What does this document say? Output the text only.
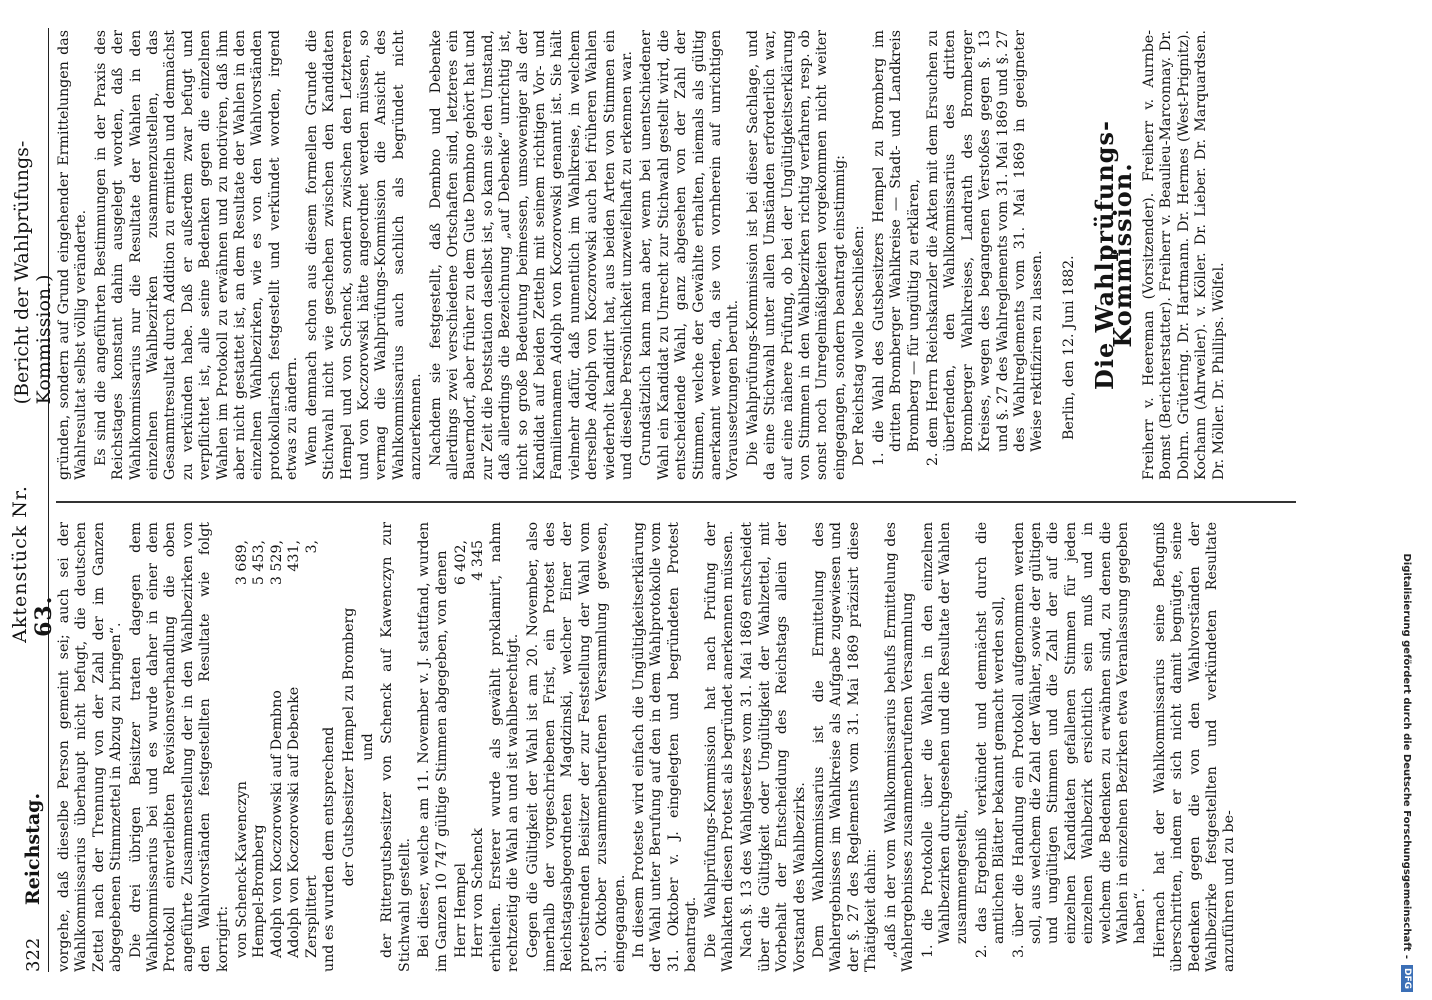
322
Reichstag.
Aktenstück Nr. 63.
(Bericht der Wahlprüfungs-Kommission.)

vorgehe, daß dieselbe Person gemeint sei; auch sei der Wahlkommissarius überhaupt nicht befugt, die deutschen Zettel nach der Trennung von der Zahl der im Ganzen abgegebenen Stimmzettel in Abzug zu bringen“. Die drei übrigen Beisitzer traten dagegen dem Wahlkommissarius bei und es wurde daher in einer dem Protokoll einverleibten Revisionsverhandlung die oben angeführte Zusammenstellung der in den Wahlbezirken von den Wahlvorständen festgestellten Resultate wie folgt korrigirt: von Schenck-Kawenczyn
3 689,
Hempel-Bromberg
5 453,
Adolph von Koczorowski auf Dembno
3 529,
Adolph von Koczorowski auf Debenke
431,
Zersplittert
3,

und es wurden dem entsprechend der Gutsbesitzer Hempel zu Bromberg und der Rittergutsbesitzer von Schenck auf Kawenczyn zur Stichwahl gestellt. Bei dieser, welche am 11. November v. J. stattfand, wurden im Ganzen 10 747 gültige Stimmen abgegeben, von denen Herr Hempel
6 402,
Herr von Schenck
4 345 erhielten. Ersterer wurde als gewählt proklamirt, nahm rechtzeitig die Wahl an und ist wahlberechtigt. Gegen die Gültigkeit der Wahl ist am 20. November, also innerhalb der vorgeschriebenen Frist, ein Protest des Reichstagsabgeordneten Magdzinski, welcher Einer der protestirenden Beisitzer der zur Feststellung der Wahl vom 31. Oktober zusammenberufenen Versammlung gewesen, eingegangen. In diesem Proteste wird einfach die Ungültigkeitserklärung der Wahl unter Berufung auf den in dem Wahlprotokolle vom 31. Oktober v. J. eingelegten und begründeten Protest beantragt. Die Wahlprüfungs-Kommission hat nach Prüfung der Wahlakten diesen Protest als begründet anerkennen müssen. Nach §. 13 des Wahlgesetzes vom 31. Mai 1869 entscheidet über die Gültigkeit oder Ungültigkeit der Wahlzettel, mit Vorbehalt der Entscheidung des Reichstags allein der Vorstand des Wahlbezirks. Dem Wahlkommissarius ist die Ermittelung des Wahlergebnisses im Wahlkreise als Aufgabe zugewiesen und der §. 27 des Reglements vom 31. Mai 1869 präzisirt diese Thätigkeit dahin: „daß in der vom Wahlkommissarius behufs Ermittelung des Wahlergebnisses zusammenberufenen Versammlung 1. die Protokolle über die Wahlen in den einzelnen Wahlbezirken durchgesehen und die Resultate der Wahlen zusammengestellt, 2. das Ergebniß verkündet und demnächst durch die amtlichen Blätter bekannt gemacht werden soll, 3. über die Handlung ein Protokoll aufgenommen werden soll, aus welchem die Zahl der Wähler, sowie der gültigen und ungültigen Stimmen und die Zahl der auf die einzelnen Kandidaten gefallenen Stimmen für jeden einzelnen Wahlbezirk ersichtlich sein muß und in welchem die Bedenken zu erwähnen sind, zu denen die Wahlen in einzelnen Bezirken etwa Veranlassung gegeben haben“. Hiernach hat der Wahlkommissarius seine Befugniß überschritten, indem er sich nicht damit begnügte, seine Bedenken gegen die von den Wahlvorständen der Wahlbezirke festgestellten und verkündeten Resultate anzuführen und zu be-

gründen, sondern auf Grund eingehender Ermittelungen das Wahlresultat selbst völlig veränderte. Es sind die angeführten Bestimmungen in der Praxis des Reichstages konstant dahin ausgelegt worden, daß der Wahlkommissarius nur die Resultate der Wahlen in den einzelnen Wahlbezirken zusammenzustellen, das Gesammtresultat durch Addition zu ermitteln und demnächst zu verkünden habe. Daß er außerdem zwar befugt und verpflichtet ist, alle seine Bedenken gegen die einzelnen Wahlen im Protokoll zu erwähnen und zu motiviren, daß ihm aber nicht gestattet ist, an dem Resultate der Wahlen in den einzelnen Wahlbezirken, wie es von den Wahlvorständen protokollarisch festgestellt und verkündet worden, irgend etwas zu ändern. Wenn demnach schon aus diesem formellen Grunde die Stichwahl nicht wie geschehen zwischen den Kandidaten Hempel und von Schenck, sondern zwischen den Letzteren und von Koczorowski hätte angeordnet werden müssen, so vermag die Wahlprüfungs-Kommission die Ansicht des Wahlkommissarius auch sachlich als begründet nicht anzuerkennen. Nachdem sie festgestellt, daß Dembno und Debenke allerdings zwei verschiedene Ortschaften sind, letzteres ein Bauerndorf, aber früher zu dem Gute Dembno gehört hat und zur Zeit die Poststation daselbst ist, so kann sie den Umstand, daß allerdings die Bezeichnung „auf Debenke“ unrichtig ist, nicht so große Bedeutung beimessen, umsoweniger als der Kandidat auf beiden Zetteln mit seinem richtigen Vor- und Familiennamen Adolph von Koczorowski genannt ist. Sie hält vielmehr dafür, daß numentlich im Wahlkreise, in welchem derselbe Adolph von Koczorowski auch bei früheren Wahlen wiederholt kandidirt hat, aus beiden Arten von Stimmen ein und dieselbe Persönlichkeit unzweifelhaft zu erkennen war. Grundsätzlich kann man aber, wenn bei unentschiedener Wahl ein Kandidat zu Unrecht zur Stichwahl gestellt wird, die entscheidende Wahl, ganz abgesehen von der Zahl der Stimmen, welche der Gewählte erhalten, niemals als gültig anerkannt werden, da sie von vornherein auf unrichtigen Voraussetzungen beruht. Die Wahlprüfungs-Kommission ist bei dieser Sachlage, und da eine Stichwahl unter allen Umständen erforderlich war, auf eine nähere Prüfung, ob bei der Ungültigkeitserklärung von Stimmen in den Wahlbezirken richtig verfahren, resp. ob sonst noch Unregelmäßigkeiten vorgekommen nicht weiter eingegangen, sondern beantragt einstimmig: Der Reichstag wolle beschließen: 1. die Wahl des Gutsbesitzers Hempel zu Bromberg im dritten Bromberger Wahlkreise — Stadt- und Landkreis Bromberg — für ungültig zu erklären, 2. dem Herrn Reichskanzler die Akten mit dem Ersuchen zu überſenden, den Wahlkommissarius des dritten Bromberger Wahlkreises, Landrath des Bromberger Kreises, wegen des begangenen Verstoßes gegen §. 13 und §. 27 des Wahlreglements vom 31. Mai 1869 und §. 27 des Wahlreglements vom 31. Mai 1869 in geeigneter Weise rektifiziren zu lassen. Berlin, den 12. Juni 1882. Die Wahlprüfungs-Kommission. Freiherr v. Heereman (Vorsitzender). Freiherr v. Aurnbe-Bomst (Berichterstatter). Freiherr v. Beaulieu-Marconnay. Dr. Dohrn. Grütering. Dr. Hartmann. Dr. Hermes (West-Prignitz). Kochann (Ahrweiler). v. Köller. Dr. Lieber. Dr. Marquardsen. Dr. Möller. Dr. Phillips. Wölfel.

Digitalisierung gefördert durch die Deutsche Forschungsgemeinschaft -
DFG
